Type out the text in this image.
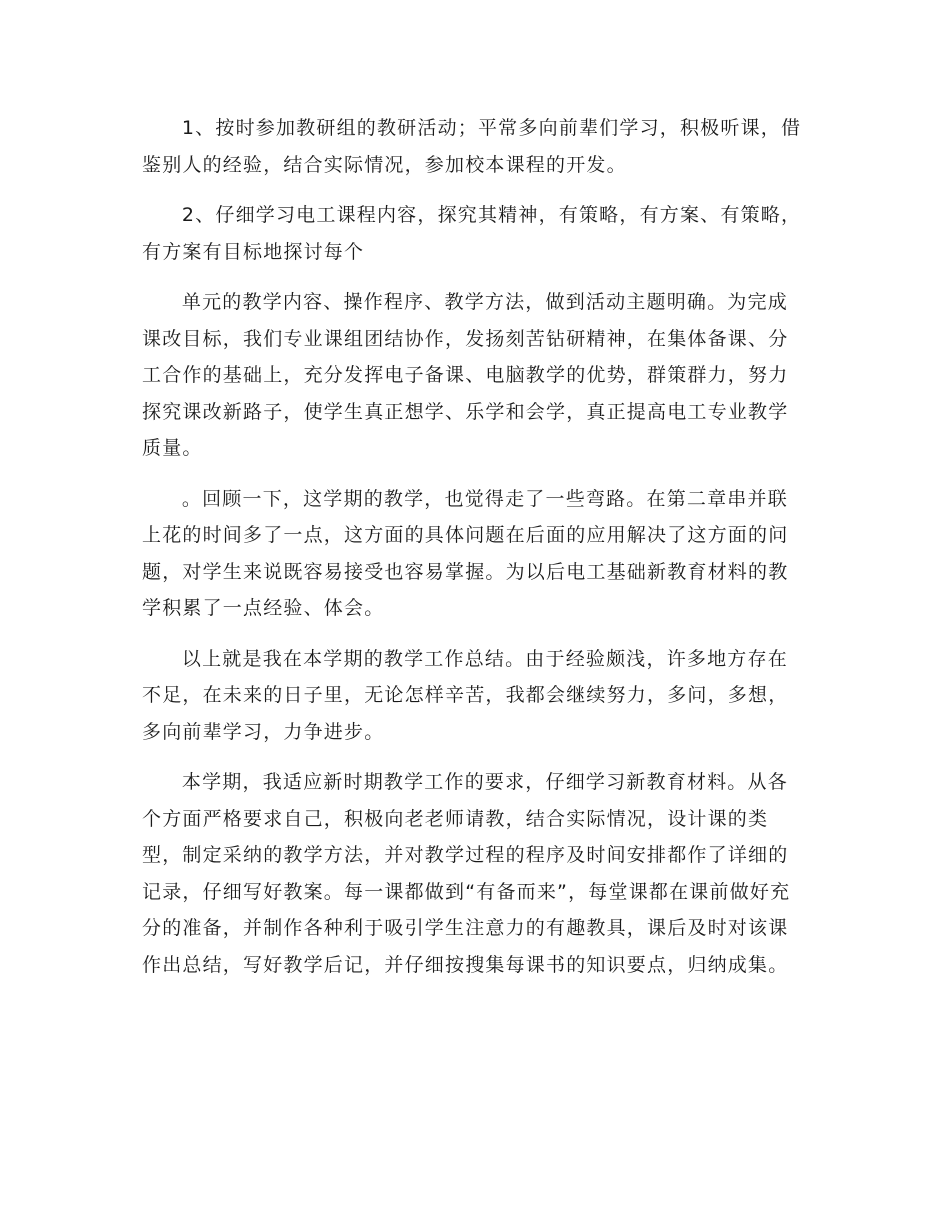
1、按时参加教研组的教研活动；平常多向前辈们学习，积极听课，借鉴别人的经验，结合实际情况，参加校本课程的开发。

2、仔细学习电工课程内容，探究其精神，有策略，有方案、有策略，有方案有目标地探讨每个

单元的教学内容、操作程序、教学方法，做到活动主题明确。为完成课改目标，我们专业课组团结协作，发扬刻苦钻研精神，在集体备课、分工合作的基础上，充分发挥电子备课、电脑教学的优势，群策群力，努力探究课改新路子，使学生真正想学、乐学和会学，真正提高电工专业教学质量。

。回顾一下，这学期的教学，也觉得走了一些弯路。在第二章串并联上花的时间多了一点，这方面的具体问题在后面的应用解决了这方面的问题，对学生来说既容易接受也容易掌握。为以后电工基础新教育材料的教学积累了一点经验、体会。

以上就是我在本学期的教学工作总结。由于经验颇浅，许多地方存在不足，在未来的日子里，无论怎样辛苦，我都会继续努力，多问，多想，多向前辈学习，力争进步。

本学期，我适应新时期教学工作的要求，仔细学习新教育材料。从各个方面严格要求自己，积极向老老师请教，结合实际情况，设计课的类型，制定采纳的教学方法，并对教学过程的程序及时间安排都作了详细的记录，仔细写好教案。每一课都做到“有备而来”，每堂课都在课前做好充分的准备，并制作各种利于吸引学生注意力的有趣教具，课后及时对该课作出总结，写好教学后记，并仔细按搜集每课书的知识要点，归纳成集。
